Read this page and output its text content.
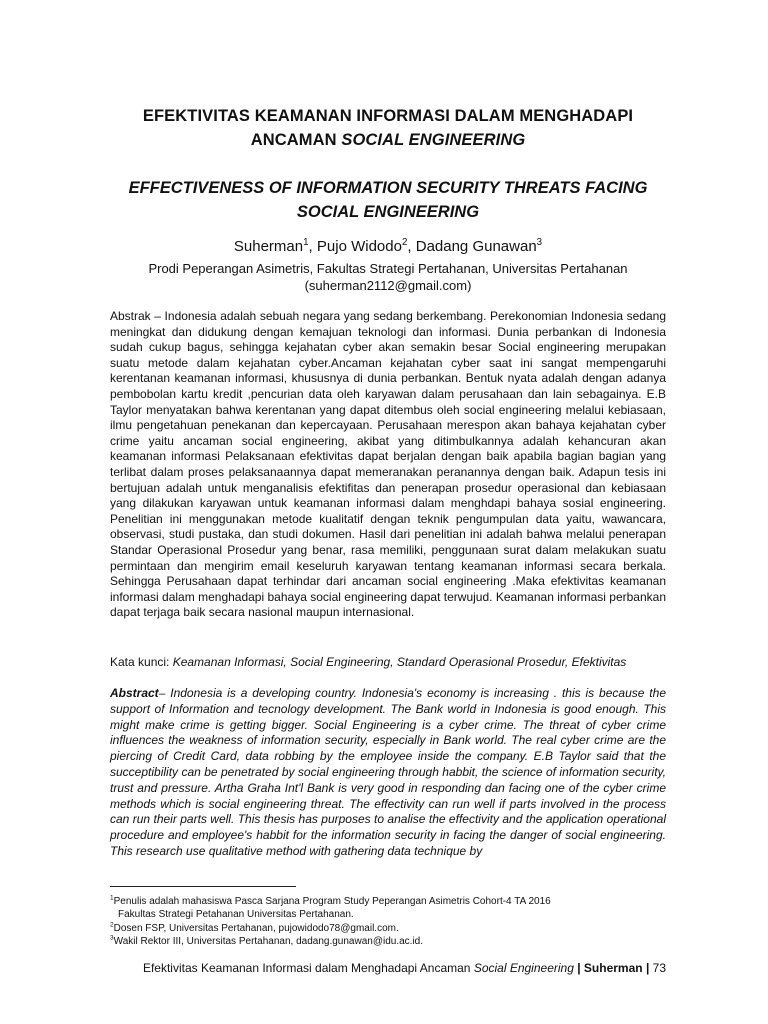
EFEKTIVITAS KEAMANAN INFORMASI DALAM MENGHADAPI
ANCAMAN SOCIAL ENGINEERING
EFFECTIVENESS OF INFORMATION SECURITY THREATS FACING
SOCIAL ENGINEERING
Suherman$^1$, Pujo Widodo$^2$, Dadang Gunawan$^3$
Prodi Peperangan Asimetris, Fakultas Strategi Pertahanan, Universitas Pertahanan
(suherman2112@gmail.com)

Abstrak – Indonesia adalah sebuah negara yang sedang berkembang. Perekonomian Indonesia sedang meningkat dan didukung dengan kemajuan teknologi dan informasi. Dunia perbankan di Indonesia sudah cukup bagus, sehingga kejahatan cyber akan semakin besar Social engineering merupakan suatu metode dalam kejahatan cyber.Ancaman kejahatan cyber saat ini sangat mempengaruhi kerentanan keamanan informasi, khususnya di dunia perbankan. Bentuk nyata adalah dengan adanya pembobolan kartu kredit ,pencurian data oleh karyawan dalam perusahaan dan lain sebagainya. E.B Taylor menyatakan bahwa kerentanan yang dapat ditembus oleh social engineering melalui kebiasaan, ilmu pengetahuan penekanan dan kepercayaan. Perusahaan merespon akan bahaya kejahatan cyber crime yaitu ancaman social engineering, akibat yang ditimbulkannya adalah kehancuran akan keamanan informasi Pelaksanaan efektivitas dapat berjalan dengan baik apabila bagian bagian yang terlibat dalam proses pelaksanaannya dapat memeranakan peranannya dengan baik. Adapun tesis ini bertujuan adalah untuk menganalisis efektifitas dan penerapan prosedur operasional dan kebiasaan yang dilakukan karyawan untuk keamanan informasi dalam menghdapi bahaya sosial engineering. Penelitian ini menggunakan metode kualitatif dengan teknik pengumpulan data yaitu, wawancara, observasi, studi pustaka, dan studi dokumen. Hasil dari penelitian ini adalah bahwa melalui penerapan Standar Operasional Prosedur yang benar, rasa memiliki, penggunaan surat dalam melakukan suatu permintaan dan mengirim email keseluruh karyawan tentang keamanan informasi secara berkala. Sehingga Perusahaan dapat terhindar dari ancaman social engineering .Maka efektivitas keamanan informasi dalam menghadapi bahaya social engineering dapat terwujud. Keamanan informasi perbankan dapat terjaga baik secara nasional maupun internasional.

Kata kunci: Keamanan Informasi, Social Engineering, Standard Operasional Prosedur, Efektivitas

Abstract– Indonesia is a developing country. Indonesia's economy is increasing . this is because the support of Information and tecnology development. The Bank world in Indonesia is good enough. This might make crime is getting bigger. Social Engineering is a cyber crime. The threat of cyber crime influences the weakness of information security, especially in Bank world. The real cyber crime are the piercing of Credit Card, data robbing by the employee inside the company. E.B Taylor said that the succeptibility can be penetrated by social engineering through habbit, the science of information security, trust and pressure. Artha Graha Int'l Bank is very good in responding dan facing one of the cyber crime methods which is social engineering threat. The effectivity can run well if parts involved in the process can run their parts well. This thesis has purposes to analise the effectivity and the application operational procedure and employee's habbit for the information security in facing the danger of social engineering. This research use qualitative method with gathering data technique by

$^1$Penulis adalah mahasiswa Pasca Sarjana Program Study Peperangan Asimetris Cohort-4 TA 2016

Fakultas Strategi Petahanan Universitas Pertahanan.

$^2$Dosen FSP, Universitas Pertahanan, pujowidodo78@gmail.com.

$^3$Wakil Rektor III, Universitas Pertahanan, dadang.gunawan@idu.ac.id.

Efektivitas Keamanan Informasi dalam Menghadapi Ancaman Social Engineering | Suherman | 73
